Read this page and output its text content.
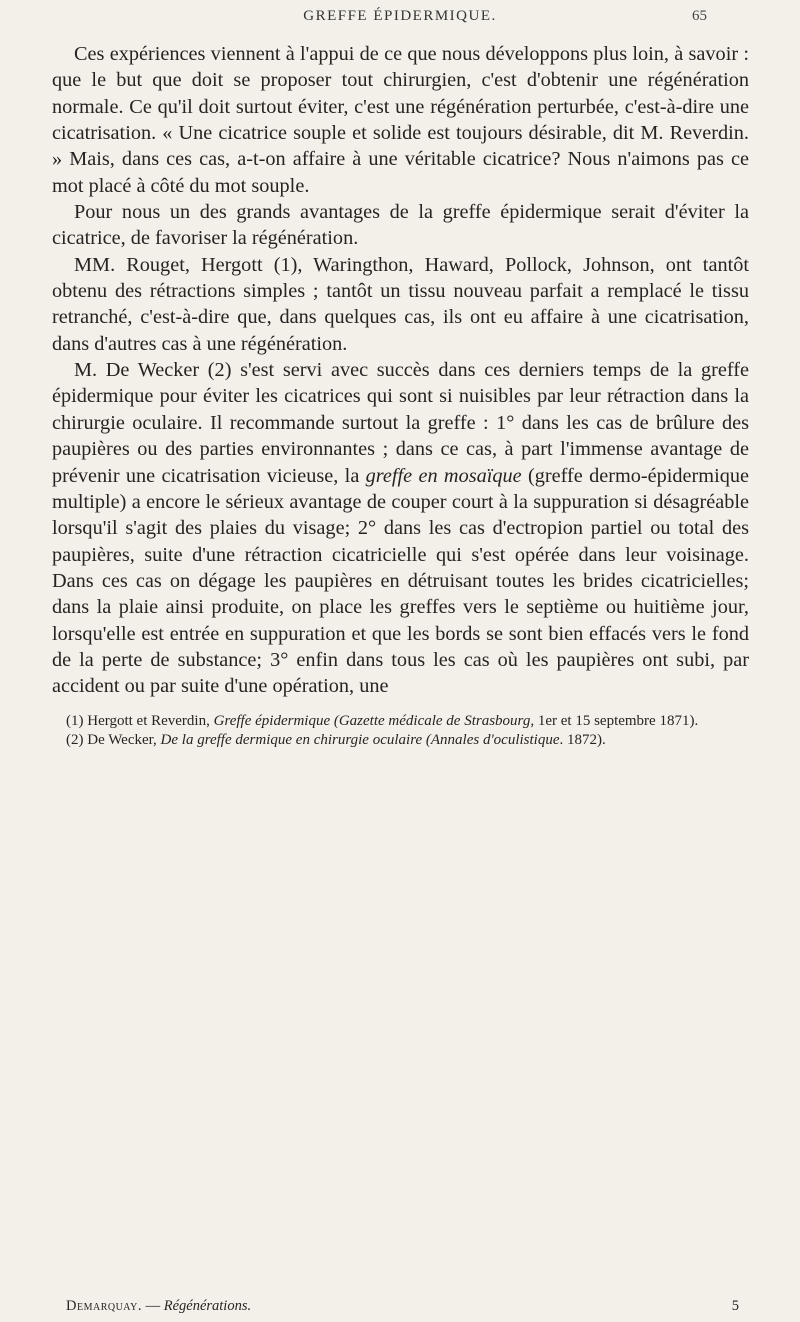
GREFFE ÉPIDERMIQUE.	65

Ces expériences viennent à l'appui de ce que nous développons plus loin, à savoir : que le but que doit se proposer tout chirurgien, c'est d'obtenir une régénération normale. Ce qu'il doit surtout éviter, c'est une régénération perturbée, c'est-à-dire une cicatrisation. « Une cicatrice souple et solide est toujours désirable, dit M. Reverdin. » Mais, dans ces cas, a-t-on affaire à une véritable cicatrice? Nous n'aimons pas ce mot placé à côté du mot souple.

Pour nous un des grands avantages de la greffe épidermique serait d'éviter la cicatrice, de favoriser la régénération.

MM. Rouget, Hergott (1), Waringthon, Haward, Pollock, Johnson, ont tantôt obtenu des rétractions simples ; tantôt un tissu nouveau parfait a remplacé le tissu retranché, c'est-à-dire que, dans quelques cas, ils ont eu affaire à une cicatrisation, dans d'autres cas à une régénération.

M. De Wecker (2) s'est servi avec succès dans ces derniers temps de la greffe épidermique pour éviter les cicatrices qui sont si nuisibles par leur rétraction dans la chirurgie oculaire. Il recommande surtout la greffe : 1° dans les cas de brûlure des paupières ou des parties environnantes ; dans ce cas, à part l'immense avantage de prévenir une cicatrisation vicieuse, la greffe en mosaïque (greffe dermo-épidermique multiple) a encore le sérieux avantage de couper court à la suppuration si désagréable lorsqu'il s'agit des plaies du visage; 2° dans les cas d'ectropion partiel ou total des paupières, suite d'une rétraction cicatricielle qui s'est opérée dans leur voisinage. Dans ces cas on dégage les paupières en détruisant toutes les brides cicatricielles; dans la plaie ainsi produite, on place les greffes vers le septième ou huitième jour, lorsqu'elle est entrée en suppuration et que les bords se sont bien effacés vers le fond de la perte de substance; 3° enfin dans tous les cas où les paupières ont subi, par accident ou par suite d'une opération, une

(1) Hergott et Reverdin, Greffe épidermique (Gazette médicale de Strasbourg, 1er et 15 septembre 1871).

(2) De Wecker, De la greffe dermique en chirurgie oculaire (Annales d'oculistique. 1872).

Demarquay. — Régénérations.	5
